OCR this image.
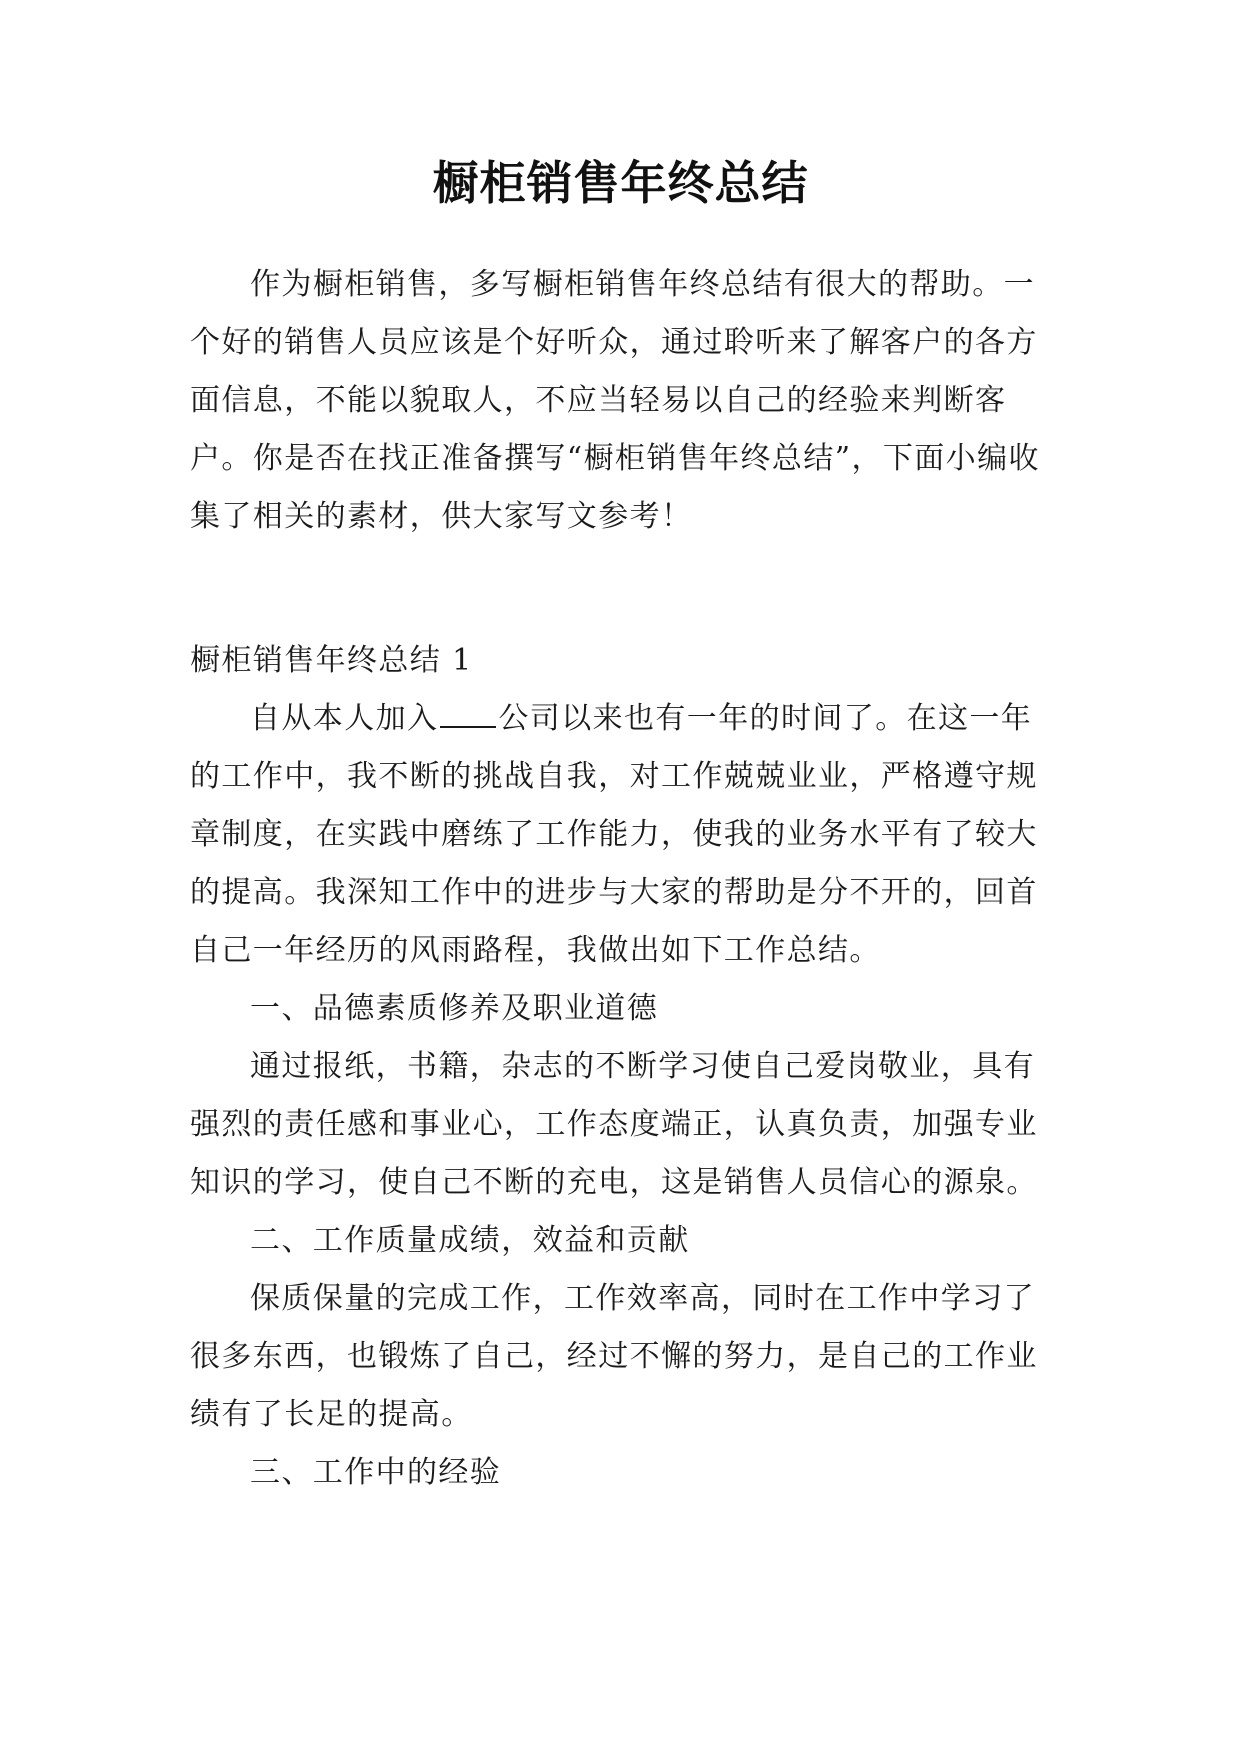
橱柜销售年终总结

作为橱柜销售，多写橱柜销售年终总结有很大的帮助。一个好的销售人员应该是个好听众，通过聆听来了解客户的各方面信息，不能以貌取人，不应当轻易以自己的经验来判断客户。你是否在找正准备撰写“橱柜销售年终总结”，下面小编收集了相关的素材，供大家写文参考！

橱柜销售年终总结 1

自从本人加入 公司以来也有一年的时间了。在这一年的工作中，我不断的挑战自我，对工作兢兢业业，严格遵守规章制度，在实践中磨练了工作能力，使我的业务水平有了较大的提高。我深知工作中的进步与大家的帮助是分不开的，回首自己一年经历的风雨路程，我做出如下工作总结。

一、品德素质修养及职业道德

通过报纸，书籍，杂志的不断学习使自己爱岗敬业，具有强烈的责任感和事业心，工作态度端正，认真负责，加强专业知识的学习，使自己不断的充电，这是销售人员信心的源泉。

二、工作质量成绩，效益和贡献

保质保量的完成工作，工作效率高，同时在工作中学习了很多东西，也锻炼了自己，经过不懈的努力，是自己的工作业绩有了长足的提高。

三、工作中的经验
